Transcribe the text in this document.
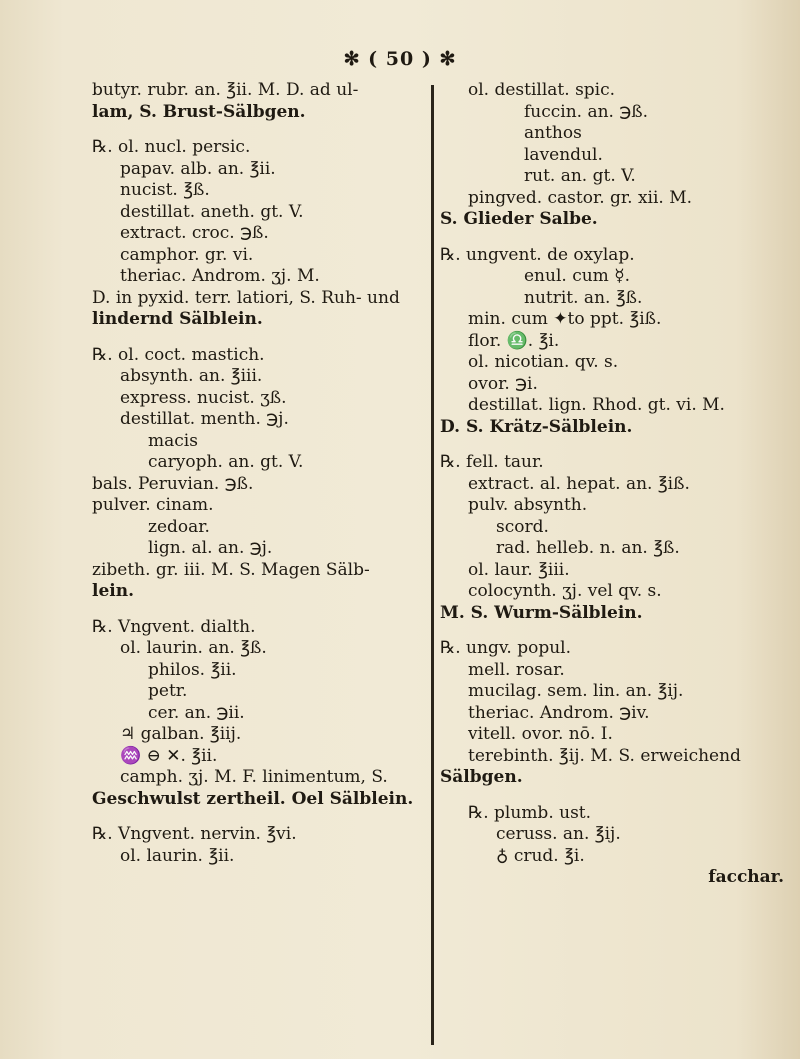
✻ ( 50 ) ✻
butyr. rubr. an. ℥ii. M. D. ad ul-
lam, S. Brust-Sälbgen.
℞. ol. nucl. persic.
papav. alb. an. ℥ii.
nucist. ℥ß.
destillat. aneth. gt. V.
extract. croc. ℈ß.
camphor. gr. vi.
theriac. Androm. ʒj. M.
D. in pyxid. terr. latiori, S. Ruh- und
lindernd Sälblein.
℞. ol. coct. mastich.
absynth. an. ℥iii.
express. nucist. ʒß.
destillat. menth. ℈j.
macis
caryoph. an. gt. V.
bals. Peruvian. ℈ß.
pulver. cinam.
zedoar.
lign. al. an. ℈j.
zibeth. gr. iii. M. S. Magen Sälb-
lein.
℞. Vngvent. dialth.
ol. laurin. an. ℥ß.
philos. ℥ii.
petr.
cer. an. ℈ii.
♃ galban. ℥iij.
♒ ⊖ ✕. ℥ii.
camph. ʒj. M. F. linimentum, S.
Geschwulst zertheil. Oel Sälblein.
℞. Vngvent. nervin. ℥vi.
ol. laurin. ℥ii.
ol. destillat. spic.
fuccin. an. ℈ß.
anthos
lavendul.
rut. an. gt. V.
pingved. castor. gr. xii. M.
S. Glieder Salbe.
℞. ungvent. de oxylap.
enul. cum ☿.
nutrit. an. ℥ß.
min. cum ✦to ppt. ℥iß.
flor. ♎. ℥i.
ol. nicotian. qv. s.
ovor. ℈i.
destillat. lign. Rhod. gt. vi. M.
D. S. Krätz-Sälblein.
℞. fell. taur.
extract. al. hepat. an. ℥iß.
pulv. absynth.
scord.
rad. helleb. n. an. ℥ß.
ol. laur. ℥iii.
colocynth. ʒj. vel qv. s.
M. S. Wurm-Sälblein.
℞. ungv. popul.
mell. rosar.
mucilag. sem. lin. an. ℥ij.
theriac. Androm. ℈iv.
vitell. ovor. nō. I.
terebinth. ℥ij. M. S. erweichend
Sälbgen.
℞. plumb. ust.
ceruss. an. ℥ij.
♁ crud. ℥i.
facchar.
